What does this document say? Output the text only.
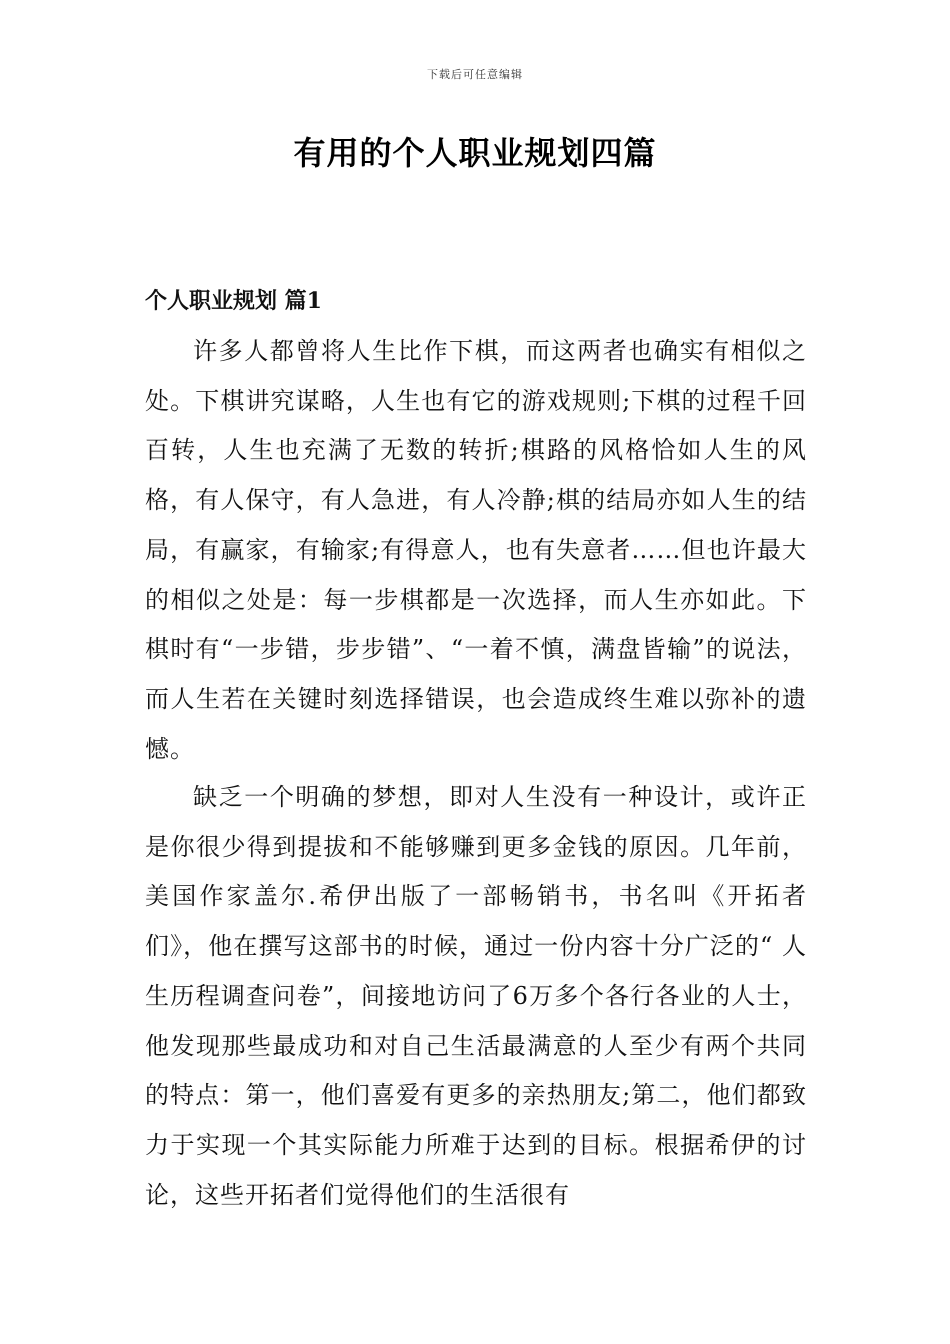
下载后可任意编辑
有用的个人职业规划四篇
个人职业规划 篇1

许多人都曾将人生比作下棋，而这两者也确实有相似之处。下棋讲究谋略，人生也有它的游戏规则;下棋的过程千回百转，人生也充满了无数的转折;棋路的风格恰如人生的风格，有人保守，有人急进，有人冷静;棋的结局亦如人生的结局，有赢家，有输家;有得意人，也有失意者……但也许最大的相似之处是：每一步棋都是一次选择，而人生亦如此。下棋时有“一步错，步步错”、“一着不慎，满盘皆输”的说法，而人生若在关键时刻选择错误，也会造成终生难以弥补的遗憾。

缺乏一个明确的梦想，即对人生没有一种设计，或许正是你很少得到提拔和不能够赚到更多金钱的原因。几年前，美国作家盖尔.希伊出版了一部畅销书，书名叫《开拓者们》，他在撰写这部书的时候，通过一份内容十分广泛的“ 人生历程调查问卷”，间接地访问了6万多个各行各业的人士，他发现那些最成功和对自己生活最满意的人至少有两个共同的特点：第一，他们喜爱有更多的亲热朋友;第二，他们都致力于实现一个其实际能力所难于达到的目标。根据希伊的讨论，这些开拓者们觉得他们的生活很有
